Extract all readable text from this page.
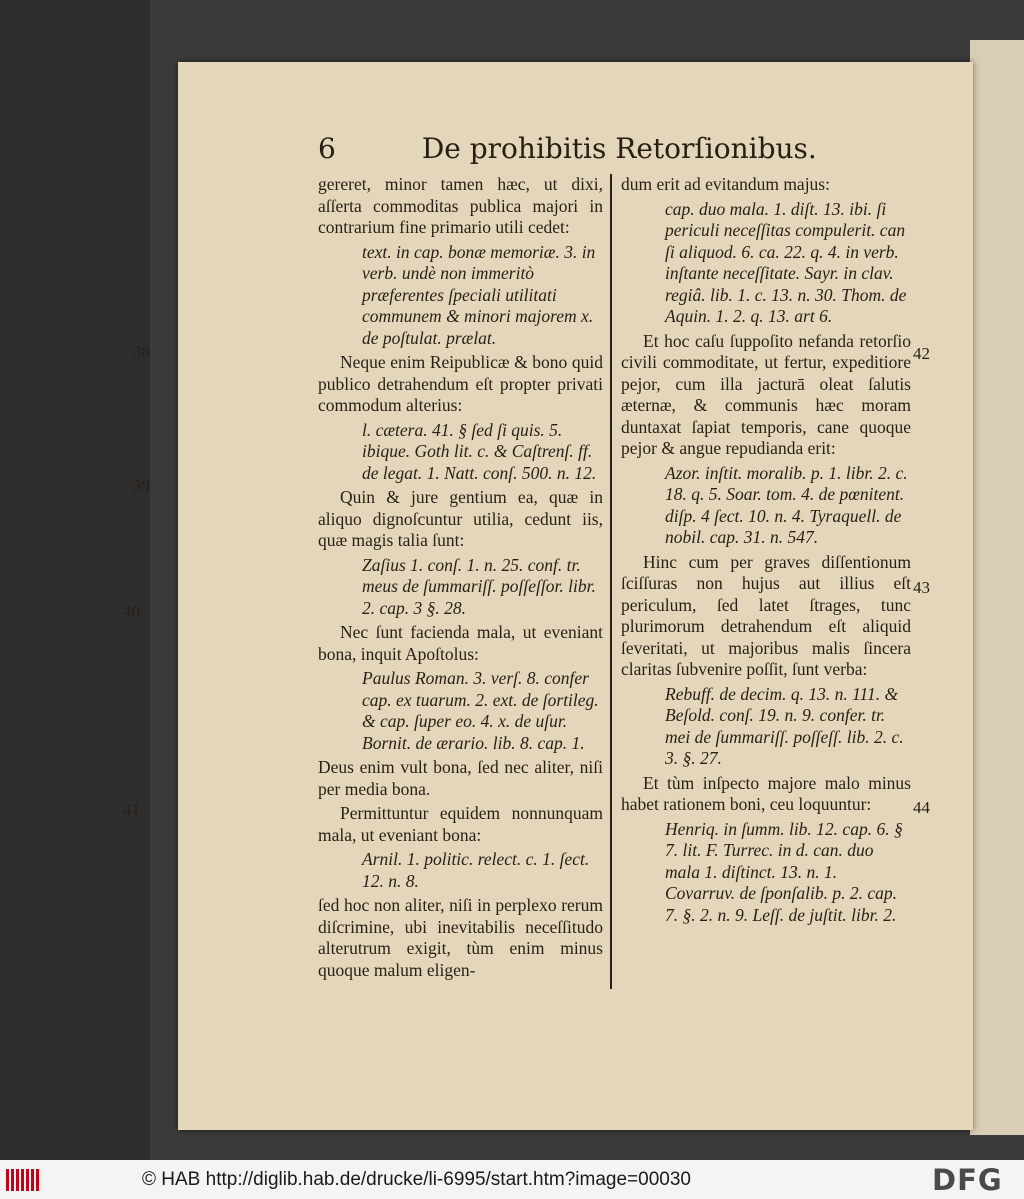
6	De prohibitis Retorſionibus.
gereret, minor tamen hæc, ut dixi, aſſerta commoditas publica majori in contrarium fine primario utili cedet:
text. in cap. bonæ memoriæ. 3. in verb. undè non immeritò præferentes ſpeciali utilitati communem & minori majorem x. de poſtulat. prælat.
Neque enim Reipublicæ & bono quid publico detrahendum eſt propter privati commodum alterius:
l. cætera. 41. § ſed ſi quis. 5. ibique. Goth lit. c. & Caſtrenſ. ff. de legat. 1. Natt. conſ. 500. n. 12.
Quin & jure gentium ea, quæ in aliquo dignoſcuntur utilia, cedunt iis, quæ magis talia ſunt:
Zaſius 1. conſ. 1. n. 25. conf. tr. meus de ſummariſſ. poſſeſſor. libr. 2. cap. 3 §. 28.
Nec ſunt facienda mala, ut eveniant bona, inquit Apoſtolus:
Paulus Roman. 3. verſ. 8. confer cap. ex tuarum. 2. ext. de ſortileg. & cap. ſuper eo. 4. x. de uſur. Bornit. de ærario. lib. 8. cap. 1.
Deus enim vult bona, ſed nec aliter, niſi per media bona.
Permittuntur equidem nonnunquam mala, ut eveniant bona:
Arnil. 1. politic. relect. c. 1. ſect. 12. n. 8.
ſed hoc non aliter, niſi in perplexo rerum diſcrimine, ubi inevitabilis neceſſitudo alterutrum exigit, tùm enim minus quoque malum eligen-
dum erit ad evitandum majus:
cap. duo mala. 1. diſt. 13. ibi. ſi periculi neceſſitas compulerit. can ſi aliquod. 6. ca. 22. q. 4. in verb. inſtante neceſſitate. Sayr. in clav. regiâ. lib. 1. c. 13. n. 30. Thom. de Aquin. 1. 2. q. 13. art 6.
Et hoc caſu ſuppoſito nefanda retorſio civili commoditate, ut fertur, expeditiore pejor, cum illa jacturā oleat ſalutis æternæ, & communis hæc moram duntaxat ſapiat temporis, cane quoque pejor & angue repudianda erit:
Azor. inſtit. moralib. p. 1. libr. 2. c. 18. q. 5. Soar. tom. 4. de pœnitent. diſp. 4 ſect. 10. n. 4. Tyraquell. de nobil. cap. 31. n. 547.
Hinc cum per graves diſſentionum ſciſſuras non hujus aut illius eſt periculum, ſed latet ſtrages, tunc plurimorum detrahendum eſt aliquid ſeveritati, ut majoribus malis ſincera claritas ſubvenire poſſit, ſunt verba:
Rebuff. de decim. q. 13. n. 111. & Beſold. conſ. 19. n. 9. confer. tr. mei de ſummariſſ. poſſeſſ. lib. 2. c. 3. §. 27.
Et tùm inſpecto majore malo minus habet rationem boni, ceu loquuntur:
Henriq. in ſumm. lib. 12. cap. 6. § 7. lit. F. Turrec. in d. can. duo mala 1. diſtinct. 13. n. 1. Covarruv. de ſponſalib. p. 2. cap. 7. §. 2. n. 9. Leſſ. de juſtit. libr. 2.
38
39
40
41
42
43
44
© HAB http://diglib.hab.de/drucke/li-6995/start.htm?image=00030	DFG
